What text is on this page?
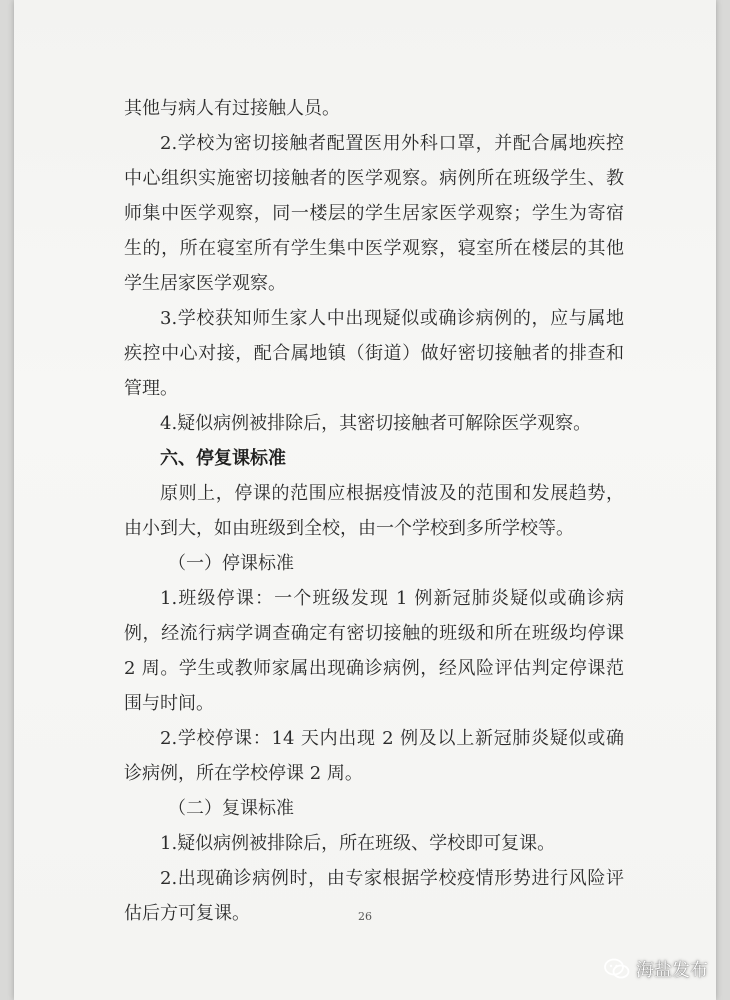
其他与病人有过接触人员。

2.学校为密切接触者配置医用外科口罩，并配合属地疾控中心组织实施密切接触者的医学观察。病例所在班级学生、教师集中医学观察，同一楼层的学生居家医学观察；学生为寄宿生的，所在寝室所有学生集中医学观察，寝室所在楼层的其他学生居家医学观察。

3.学校获知师生家人中出现疑似或确诊病例的，应与属地疾控中心对接，配合属地镇（街道）做好密切接触者的排查和管理。

4.疑似病例被排除后，其密切接触者可解除医学观察。

六、停复课标准

原则上，停课的范围应根据疫情波及的范围和发展趋势，由小到大，如由班级到全校，由一个学校到多所学校等。

（一）停课标准

1.班级停课：一个班级发现 1 例新冠肺炎疑似或确诊病例，经流行病学调查确定有密切接触的班级和所在班级均停课 2 周。学生或教师家属出现确诊病例，经风险评估判定停课范围与时间。

2.学校停课：14 天内出现 2 例及以上新冠肺炎疑似或确诊病例，所在学校停课 2 周。

（二）复课标准

1.疑似病例被排除后，所在班级、学校即可复课。

2.出现确诊病例时，由专家根据学校疫情形势进行风险评估后方可复课。	26
海盐发布
